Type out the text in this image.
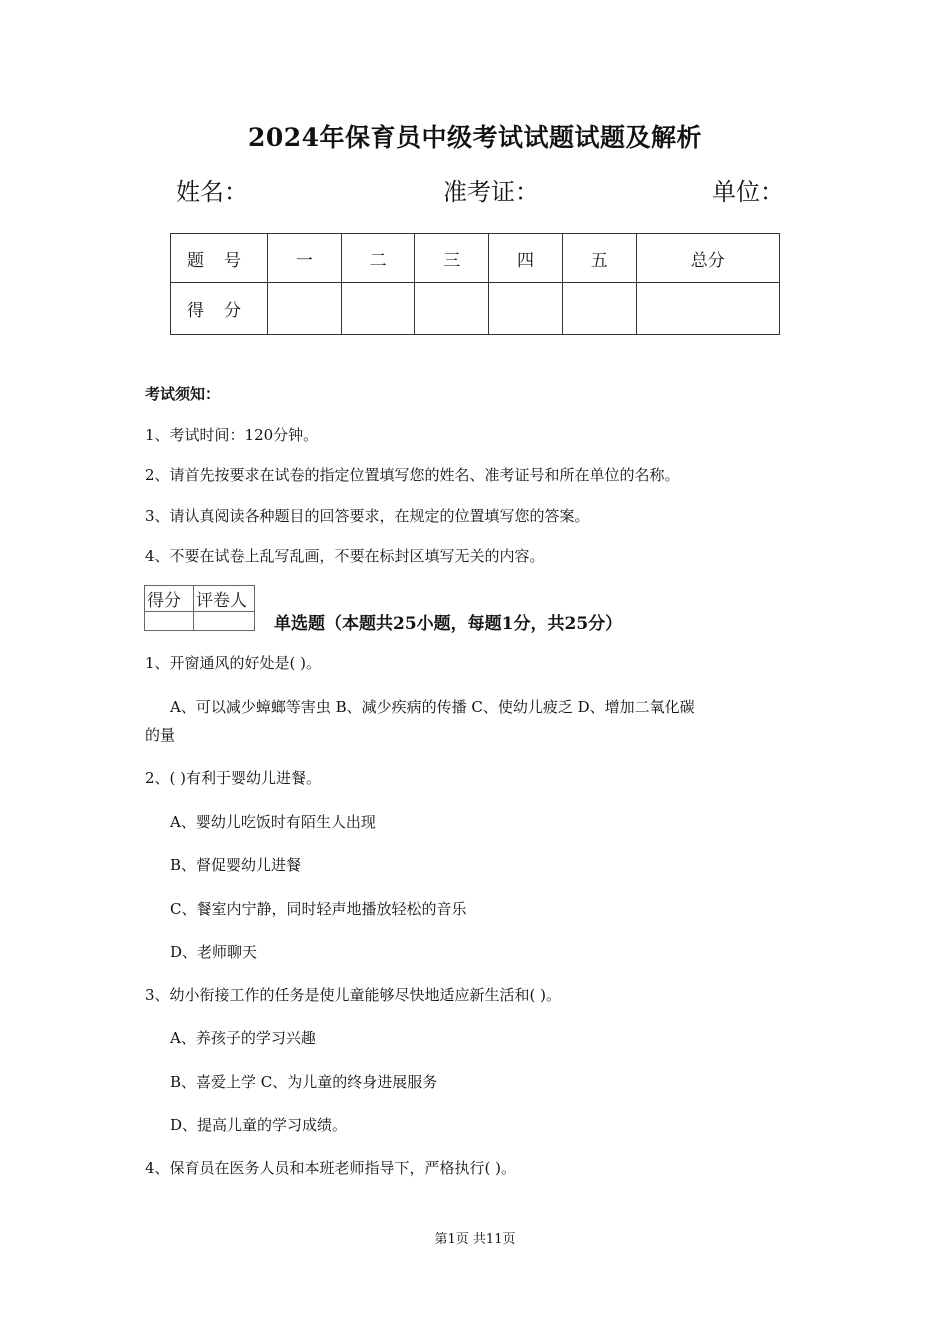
2024年保育员中级考试试题试题及解析
姓名：	准考证：	单位：
题号	一	二	三	四	五	总分
得分						
考试须知：
1、考试时间：120分钟。
2、请首先按要求在试卷的指定位置填写您的姓名、准考证号和所在单位的名称。
3、请认真阅读各种题目的回答要求，在规定的位置填写您的答案。
4、不要在试卷上乱写乱画，不要在标封区填写无关的内容。
得分	评卷人

单选题（本题共25小题，每题1分，共25分）
1、开窗通风的好处是( )。
A、可以减少蟑螂等害虫 B、减少疾病的传播 C、使幼儿疲乏 D、增加二氧化碳
的量
2、( )有利于婴幼儿进餐。
A、婴幼儿吃饭时有陌生人出现
B、督促婴幼儿进餐
C、餐室内宁静，同时轻声地播放轻松的音乐
D、老师聊天
3、幼小衔接工作的任务是使儿童能够尽快地适应新生活和( )。
A、养孩子的学习兴趣
B、喜爱上学 C、为儿童的终身进展服务
D、提高儿童的学习成绩。
4、保育员在医务人员和本班老师指导下，严格执行( )。
第1页 共11页
